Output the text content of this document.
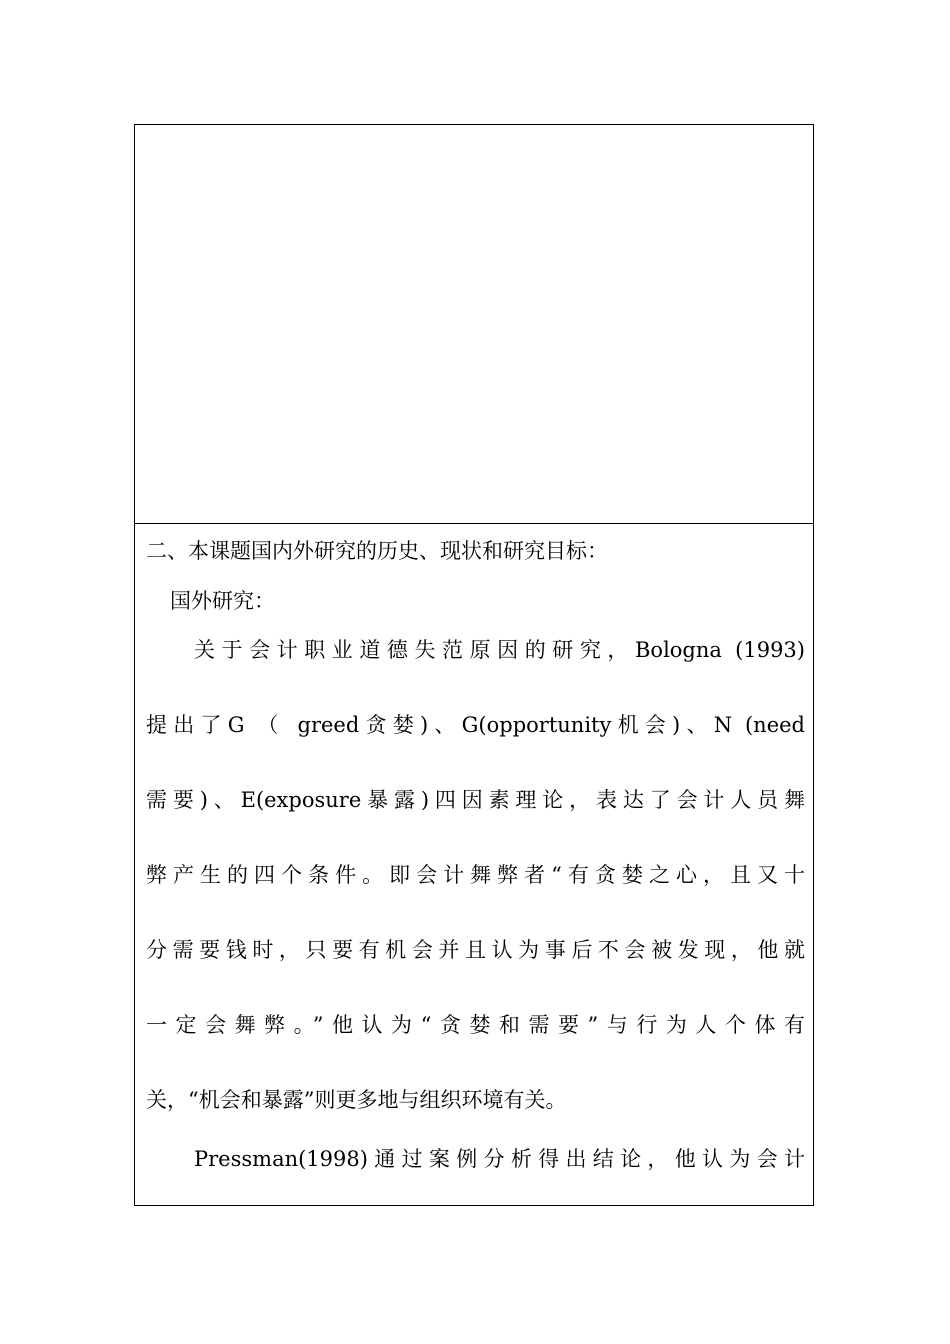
二、本课题国内外研究的历史、现状和研究目标：
国外研究：
关于会计职业道德失范原因的研究，Bologna (1993)
提出了G （ greed贪婪)、G(opportunity机会)、N (need
需要)、E(exposure暴露)四因素理论，表达了会计人员舞
弊产生的四个条件。即会计舞弊者“有贪婪之心，且又十
分需要钱时，只要有机会并且认为事后不会被发现，他就
一定会舞弊。”他认为“贪婪和需要”与行为人个体有
关，“机会和暴露”则更多地与组织环境有关。
Pressman(1998)通过案例分析得出结论，他认为会计
